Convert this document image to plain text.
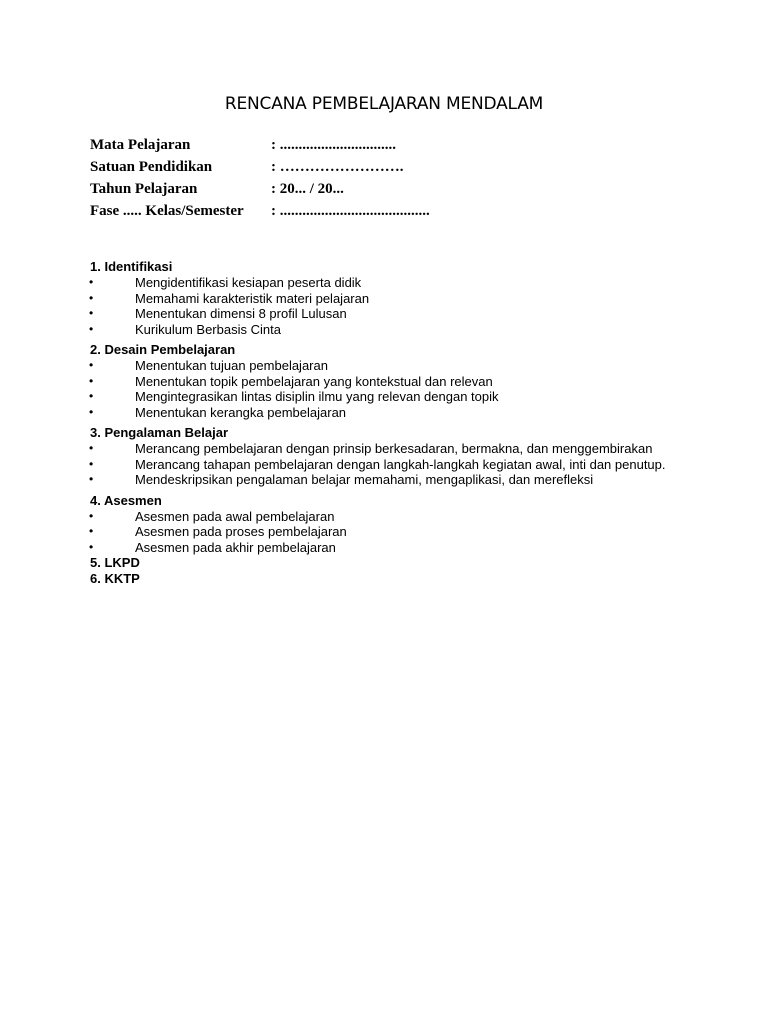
RENCANA PEMBELAJARAN MENDALAM
Mata Pelajaran	: ...............................
Satuan Pendidikan	: …………………….
Tahun Pelajaran	: 20... / 20...
Fase ..... Kelas/Semester : ........................................
1. Identifikasi
•	Mengidentifikasi kesiapan peserta didik
•	Memahami karakteristik materi pelajaran
•	Menentukan dimensi 8 profil Lulusan
•	Kurikulum Berbasis Cinta
2. Desain Pembelajaran
•	Menentukan tujuan pembelajaran
•	Menentukan topik pembelajaran yang kontekstual dan relevan
•	Mengintegrasikan lintas disiplin ilmu yang relevan dengan topik
•	Menentukan kerangka pembelajaran
3. Pengalaman Belajar
•	Merancang pembelajaran dengan prinsip berkesadaran, bermakna, dan menggembirakan
•	Merancang tahapan pembelajaran dengan langkah-langkah kegiatan awal, inti dan penutup.
•	Mendeskripsikan pengalaman belajar memahami, mengaplikasi, dan merefleksi
4. Asesmen
•	Asesmen pada awal pembelajaran
•	Asesmen pada proses pembelajaran
•	Asesmen pada akhir pembelajaran
5. LKPD
6. KKTP
